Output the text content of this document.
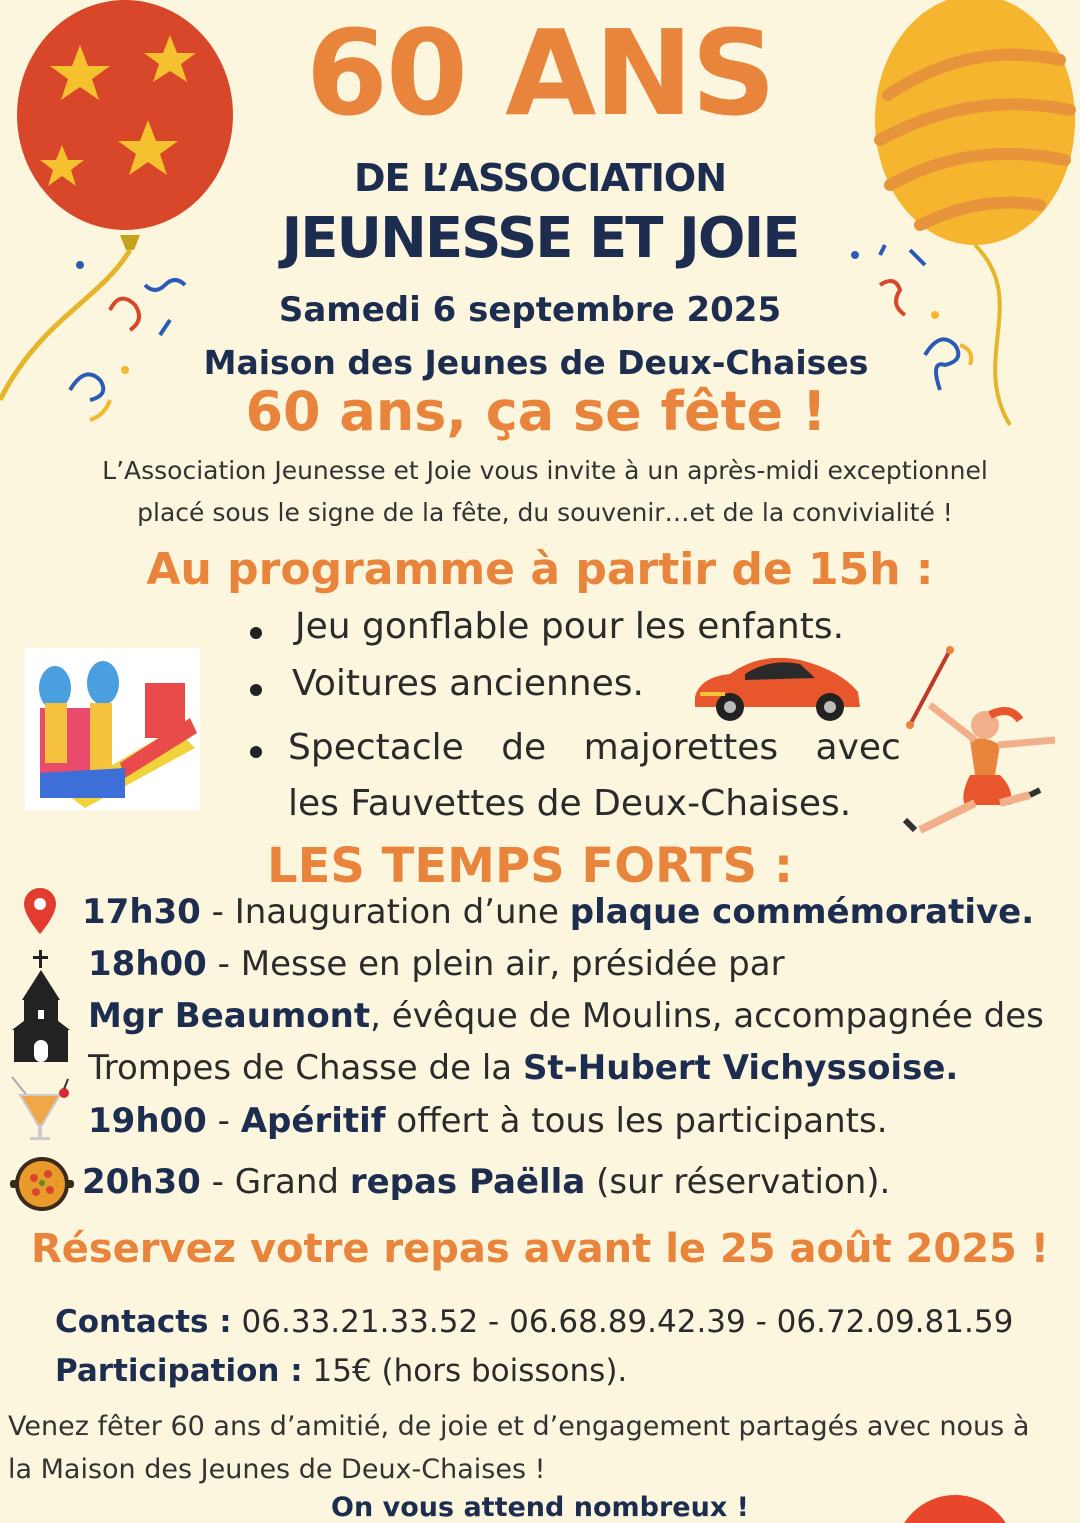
60 ANS
DE L’ASSOCIATION
JEUNESSE ET JOIE
Samedi 6 septembre 2025
Maison des Jeunes de Deux-Chaises
60 ans, ça se fête !
L’Association Jeunesse et Joie vous invite à un après-midi exceptionnel
placé sous le signe de la fête, du souvenir…et de la convivialité !
Au programme à partir de 15h :
Jeu gonflable pour les enfants.
Voitures anciennes.
Spectacle de majorettes avec
les Fauvettes de Deux-Chaises.
LES TEMPS FORTS :
17h30 - Inauguration d’une plaque commémorative.
18h00 - Messe en plein air, présidée par
Mgr Beaumont, évêque de Moulins, accompagnée des
Trompes de Chasse de la St-Hubert Vichyssoise.
19h00 - Apéritif offert à tous les participants.
20h30 - Grand repas Paëlla (sur réservation).
Réservez votre repas avant le 25 août 2025 !
Contacts : 06.33.21.33.52 - 06.68.89.42.39 - 06.72.09.81.59
Participation : 15€ (hors boissons).
Venez fêter 60 ans d’amitié, de joie et d’engagement partagés avec nous à
la Maison des Jeunes de Deux-Chaises !
On vous attend nombreux !
